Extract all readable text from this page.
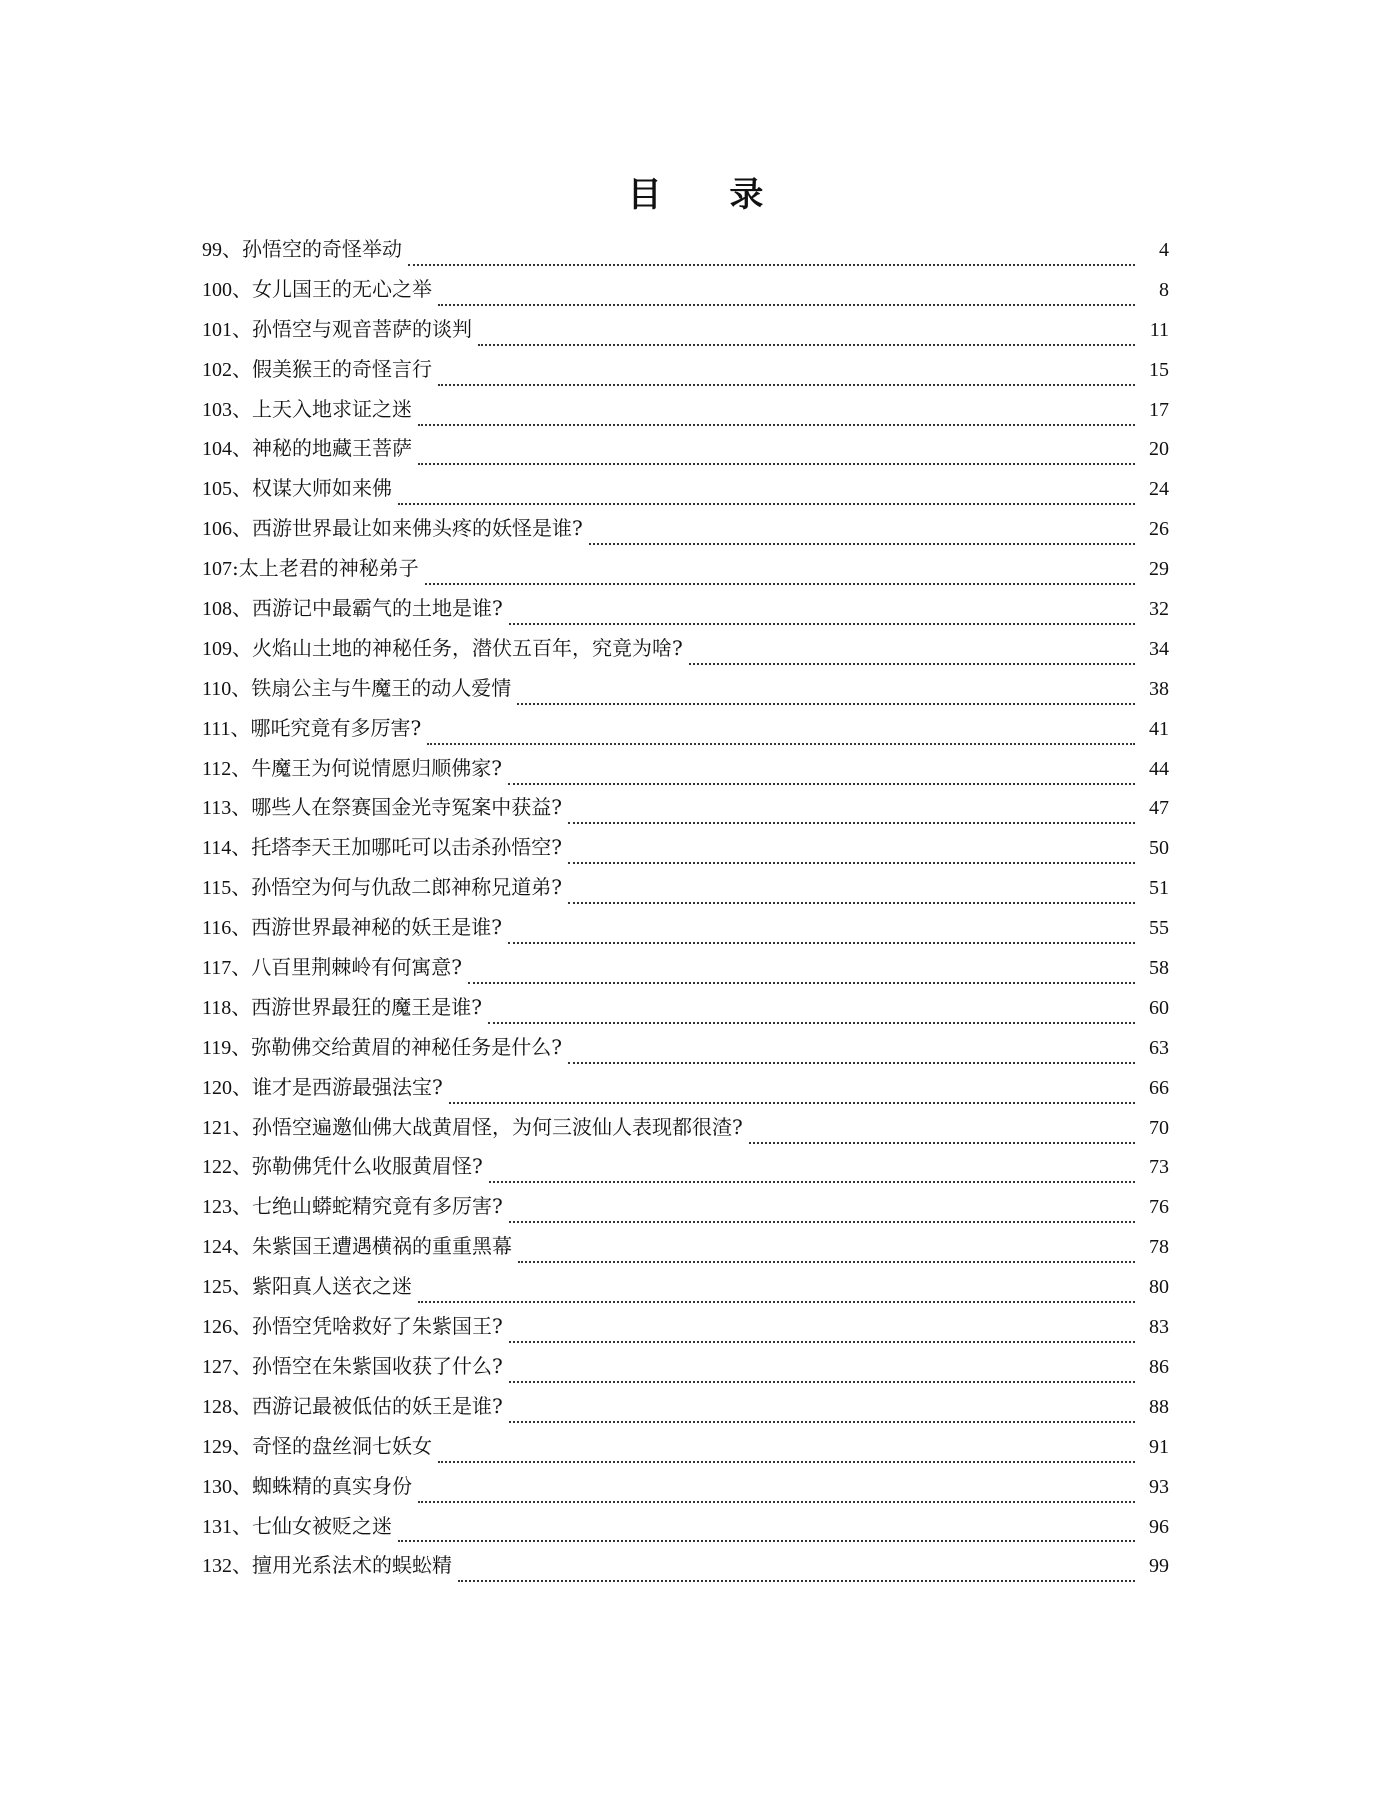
目 录
99 、 孙悟空的奇怪举动	4
100 、 女儿国王的无心之举	8
101 、 孙悟空与观音菩萨的谈判	11
102 、 假美猴王的奇怪言行	15
103 、 上天入地求证之迷	17
104 、 神秘的地藏王菩萨	20
105 、 权谋大师如来佛	24
106 、 西游世界最让如来佛头疼的妖怪是谁?	26
107 : 太上老君的神秘弟子	29
108 、 西游记中最霸气的土地是谁?	32
109 、 火焰山土地的神秘任务，潜伏五百年，究竟为啥?	34
110 、 铁扇公主与牛魔王的动人爱情	38
111 、 哪吒究竟有多厉害?	41
112 、 牛魔王为何说情愿归顺佛家?	44
113 、 哪些人在祭赛国金光寺冤案中获益?	47
114 、 托塔李天王加哪吒可以击杀孙悟空?	50
115 、 孙悟空为何与仇敌二郎神称兄道弟?	51
116 、 西游世界最神秘的妖王是谁?	55
117 、 八百里荆棘岭有何寓意?	58
118 、 西游世界最狂的魔王是谁?	60
119 、 弥勒佛交给黄眉的神秘任务是什么?	63
120 、 谁才是西游最强法宝?	66
121 、 孙悟空遍邀仙佛大战黄眉怪，为何三波仙人表现都很渣?	70
122 、 弥勒佛凭什么收服黄眉怪?	73
123 、 七绝山蟒蛇精究竟有多厉害?	76
124 、 朱紫国王遭遇横祸的重重黑幕	78
125 、 紫阳真人送衣之迷	80
126 、 孙悟空凭啥救好了朱紫国王?	83
127 、 孙悟空在朱紫国收获了什么?	86
128 、 西游记最被低估的妖王是谁?	88
129 、 奇怪的盘丝洞七妖女	91
130 、 蜘蛛精的真实身份	93
131 、 七仙女被贬之迷	96
132 、 擅用光系法术的蜈蚣精	99
